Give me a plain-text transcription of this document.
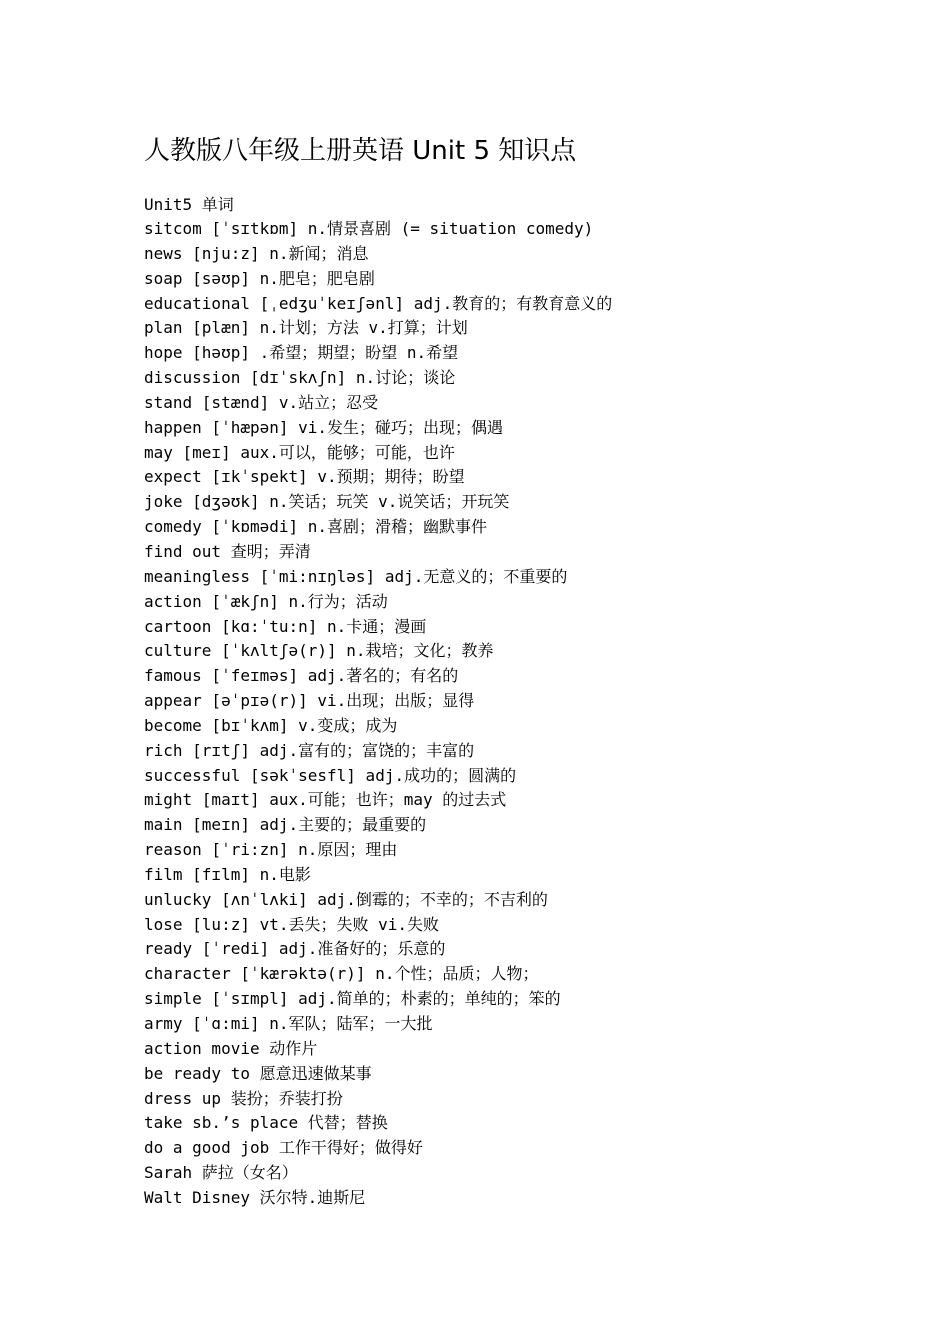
人教版八年级上册英语 Unit 5 知识点
Unit5 单词
sitcom [ˈsɪtkɒm] n.情景喜剧 (= situation comedy)
news [nju:z] n.新闻；消息
soap [səʊp] n.肥皂；肥皂剧
educational [ˌedʒuˈkeɪʃənl] adj.教育的；有教育意义的
plan [plæn] n.计划；方法 v.打算；计划
hope [həʊp] .希望；期望；盼望 n.希望
discussion [dɪˈskʌʃn] n.讨论；谈论
stand [stænd] v.站立；忍受
happen [ˈhæpən] vi.发生；碰巧；出现；偶遇
may [meɪ] aux.可以，能够；可能，也许
expect [ɪkˈspekt] v.预期；期待；盼望
joke [dʒəʊk] n.笑话；玩笑 v.说笑话；开玩笑
comedy [ˈkɒmədi] n.喜剧；滑稽；幽默事件
find out 查明；弄清
meaningless [ˈmi:nɪŋləs] adj.无意义的；不重要的
action [ˈækʃn] n.行为；活动
cartoon [kɑ:ˈtu:n] n.卡通；漫画
culture [ˈkʌltʃə(r)] n.栽培；文化；教养
famous [ˈfeɪməs] adj.著名的；有名的
appear [əˈpɪə(r)] vi.出现；出版；显得
become [bɪˈkʌm] v.变成；成为
rich [rɪtʃ] adj.富有的；富饶的；丰富的
successful [səkˈsesfl] adj.成功的；圆满的
might [maɪt] aux.可能；也许；may 的过去式
main [meɪn] adj.主要的；最重要的
reason [ˈri:zn] n.原因；理由
film [fɪlm] n.电影
unlucky [ʌnˈlʌki] adj.倒霉的；不幸的；不吉利的
lose [lu:z] vt.丢失；失败 vi.失败
ready [ˈredi] adj.准备好的；乐意的
character [ˈkærəktə(r)] n.个性；品质；人物；
simple [ˈsɪmpl] adj.简单的；朴素的；单纯的；笨的
army [ˈɑ:mi] n.军队；陆军；一大批
action movie 动作片
be ready to 愿意迅速做某事
dress up 装扮；乔装打扮
take sb.’s place 代替；替换
do a good job 工作干得好；做得好
Sarah 萨拉（女名）
Walt Disney 沃尔特.迪斯尼
